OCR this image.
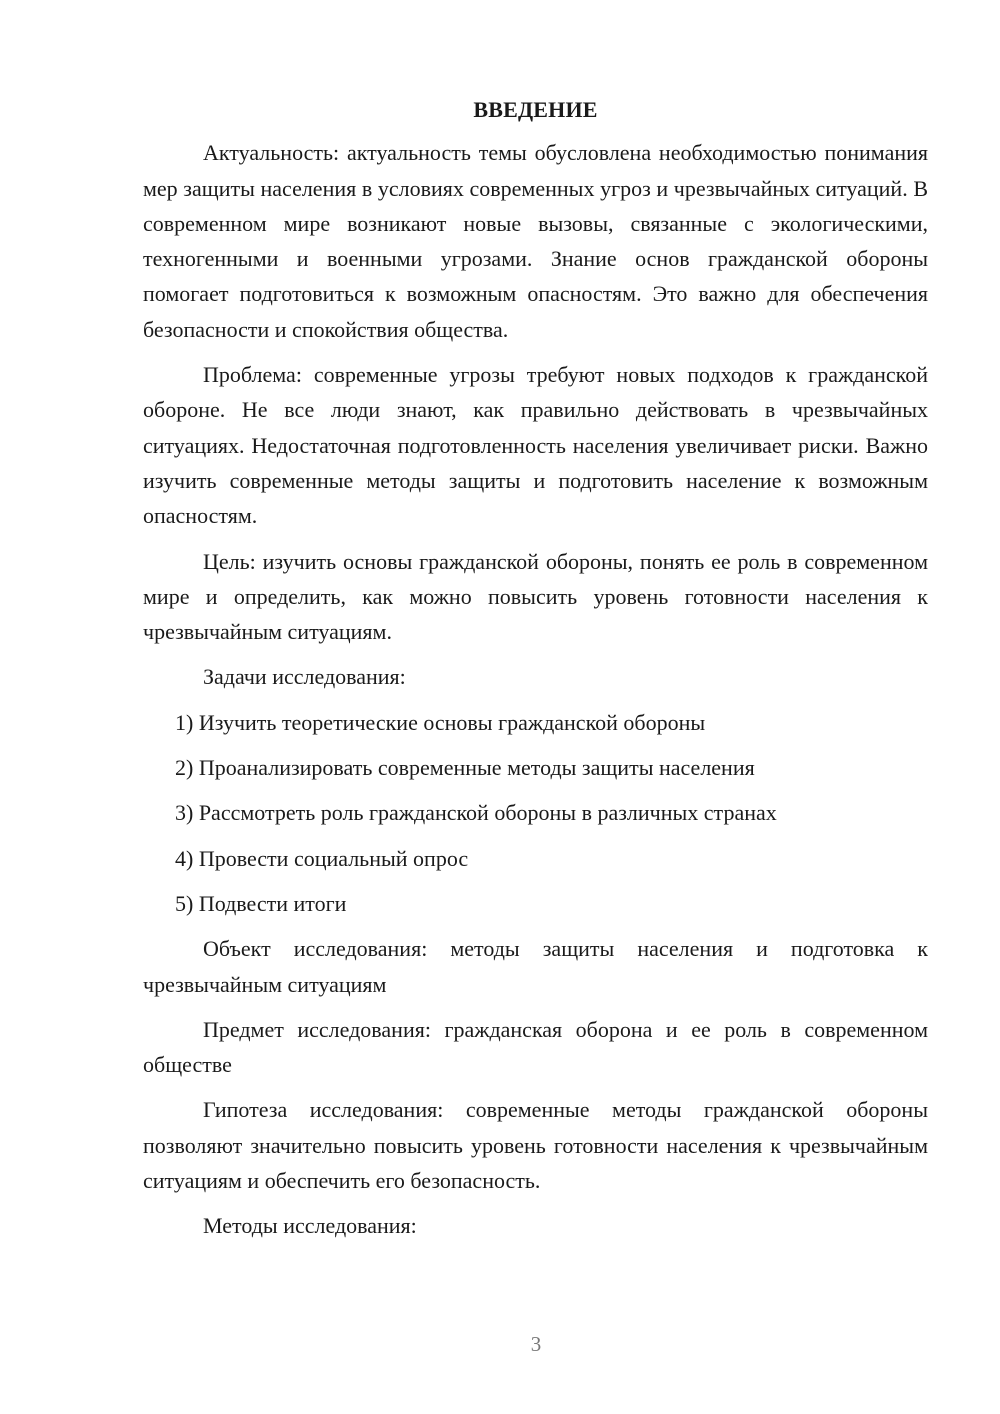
ВВЕДЕНИЕ

Актуальность: актуальность темы обусловлена необходимостью понимания мер защиты населения в условиях современных угроз и чрезвычайных ситуаций. В современном мире возникают новые вызовы, связанные с экологическими, техногенными и военными угрозами. Знание основ гражданской обороны помогает подготовиться к возможным опасностям. Это важно для обеспечения безопасности и спокойствия общества.

Проблема: современные угрозы требуют новых подходов к гражданской обороне. Не все люди знают, как правильно действовать в чрезвычайных ситуациях. Недостаточная подготовленность населения увеличивает риски. Важно изучить современные методы защиты и подготовить население к возможным опасностям.

Цель: изучить основы гражданской обороны, понять ее роль в современном мире и определить, как можно повысить уровень готовности населения к чрезвычайным ситуациям.

Задачи исследования:

1) Изучить теоретические основы гражданской обороны
2) Проанализировать современные методы защиты населения
3) Рассмотреть роль гражданской обороны в различных странах
4) Провести социальный опрос
5) Подвести итоги

Объект исследования: методы защиты населения и подготовка к чрезвычайным ситуациям

Предмет исследования: гражданская оборона и ее роль в современном обществе

Гипотеза исследования: современные методы гражданской обороны позволяют значительно повысить уровень готовности населения к чрезвычайным ситуациям и обеспечить его безопасность.

Методы исследования:

3
